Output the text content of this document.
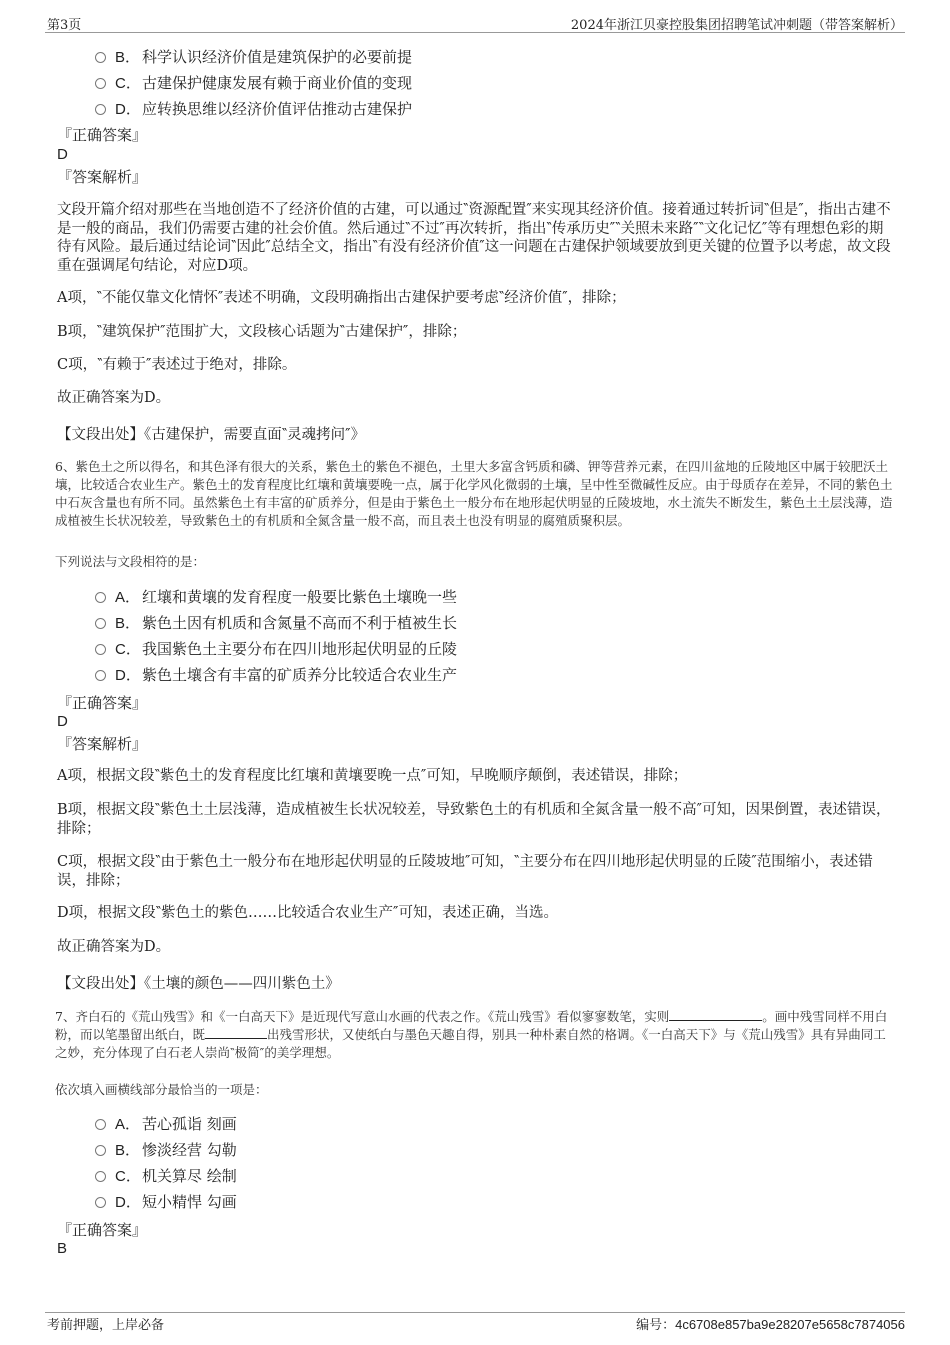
第3页	2024年浙江贝豪控股集团招聘笔试冲刺题（带答案解析）
B． 科学认识经济价值是建筑保护的必要前提
C．古建保护健康发展有赖于商业价值的变现
D．应转换思维以经济价值评估推动古建保护
『正确答案』
D
『答案解析』
文段开篇介绍对那些在当地创造不了经济价值的古建，可以通过‶资源配置″来实现其经济价值。接着通过转折词‶但是″，指出古建不是一般的商品，我们仍需要古建的社会价值。然后通过‶不过″再次转折，指出‶传承历史″‶关照未来路″‶文化记忆″等有理想色彩的期待有风险。最后通过结论词‶因此″总结全文，指出‶有没有经济价值″这一问题在古建保护领域要放到更关键的位置予以考虑，故文段重在强调尾句结论，对应D项。
A项，‶不能仅靠文化情怀″表述不明确，文段明确指出古建保护要考虑‶经济价值″，排除；
B项，‶建筑保护″范围扩大，文段核心话题为‶古建保护″，排除；
C项，‶有赖于″表述过于绝对，排除。
故正确答案为D。
【文段出处】《古建保护，需要直面‶灵魂拷问″》
6、紫色土之所以得名，和其色泽有很大的关系，紫色土的紫色不褪色，土里大多富含钙质和磷、钾等营养元素，在四川盆地的丘陵地区中属于较肥沃土壤，比较适合农业生产。紫色土的发育程度比红壤和黄壤要晚一点，属于化学风化微弱的土壤，呈中性至微碱性反应。由于母质存在差异，不同的紫色土中石灰含量也有所不同。虽然紫色土有丰富的矿质养分，但是由于紫色土一般分布在地形起伏明显的丘陵坡地，水土流失不断发生，紫色土土层浅薄，造成植被生长状况较差，导致紫色土的有机质和全氮含量一般不高，而且表土也没有明显的腐殖质聚积层。
下列说法与文段相符的是：
A． 红壤和黄壤的发育程度一般要比紫色土壤晚一些
B． 紫色土因有机质和含氮量不高而不利于植被生长
C．我国紫色土主要分布在四川地形起伏明显的丘陵
D．紫色土壤含有丰富的矿质养分比较适合农业生产
『正确答案』
D
『答案解析』
A项，根据文段‶紫色土的发育程度比红壤和黄壤要晚一点″可知，早晚顺序颠倒，表述错误，排除；
B项，根据文段‶紫色土土层浅薄，造成植被生长状况较差，导致紫色土的有机质和全氮含量一般不高″可知，因果倒置，表述错误，排除；
C项，根据文段‶由于紫色土一般分布在地形起伏明显的丘陵坡地″可知，‶主要分布在四川地形起伏明显的丘陵″范围缩小，表述错误，排除；
D项，根据文段‶紫色土的紫色……比较适合农业生产″可知，表述正确，当选。
故正确答案为D。
【文段出处】《土壤的颜色——四川紫色土》
7、齐白石的《荒山残雪》和《一白高天下》是近现代写意山水画的代表之作。《荒山残雪》看似寥寥数笔，实则	。画中残雪同样不用白粉，而以笔墨留出纸白，既	出残雪形状，又使纸白与墨色天趣自得，别具一种朴素自然的格调。《一白高天下》与《荒山残雪》具有异曲同工之妙，充分体现了白石老人崇尚‶极简″的美学理想。
依次填入画横线部分最恰当的一项是：
A． 苦心孤诣 刻画
B． 惨淡经营 勾勒
C．机关算尽 绘制
D．短小精悍 勾画
『正确答案』
B
考前押题，上岸必备	编号：4c6708e857ba9e28207e5658c7874056
